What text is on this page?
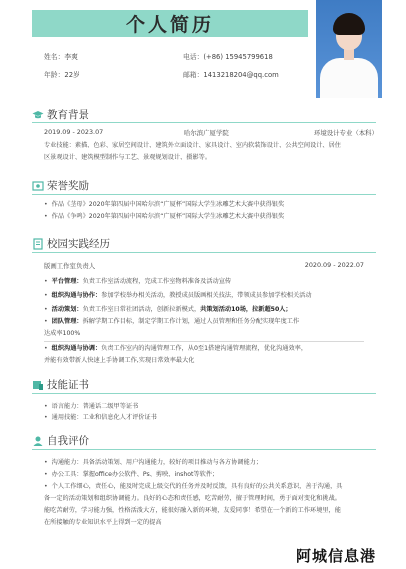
个人简历
姓名：李爽	电话：(+86) 15945799618
年龄：22岁	邮箱：1413218204@qq.com
教育背景
2019.09 - 2023.07	哈尔滨广厦学院	环境设计专业（本科）
专业技能：素描、色彩、家居空间设计、建筑外立面设计、家具设计、室内软装饰设计、公共空间设计、居住
区景观设计、建筑模型制作与工艺、景观规划设计、摄影等。
荣誉奖励
• 作品《茎母》2020年第四届中国哈尔滨“广厦杯”国际大学生冰雕艺术大赛中获得银奖
• 作品《争鸣》2020年第四届中国哈尔滨“广厦杯”国际大学生冰雕艺术大赛中获得银奖
校园实践经历
版画工作室负责人	2020.09 - 2022.07
• 平台管理：负责工作室活动流程，完成工作室物料准备及活动宣传
• 组织沟通与协作：参加学校举办相关活动，教授成员版画相关技法，带领成员参加学校相关活动
• 活动策划：负责工作室日常社团活动，创新拉新模式，共策划活动10场，拉新超50人；
• 团队管理：拆解学期工作目标，制定学期工作计划，通过人员管理和任务分配实现年度工作
达成率100%
• 组织沟通与协调：负责工作室内的沟通管理工作，从0至1搭建沟通管理流程，优化沟通效率，
并能有效带新人快速上手协调工作,实现日常效率最大化
技能证书
• 语言能力：普通话二级甲等证书
• 通用技能：工业和信息化人才评价证书
自我评价
• 沟通能力：具备活动策划、用户沟通能力，较好的项目推动与各方协调能力；
• 办公工具：掌握office办公软件、Ps、剪映、inshot等软件；
• 个人工作细心，责任心，能及时完成上级交代的任务并及时反馈，具有良好的公共关系意识，善于沟通，具
备一定的活动策划和组织协调能力。良好的心态和责任感，吃苦耐劳，擅于管理时间，勇于面对变化和挑战。
能吃苦耐劳，学习能力强，性格活泼大方，能很好融入新的环境，友爱同事！希望在一个新的工作环境里，能
在所接触的专业知识水平上得到一定的提高
阿城信息港
